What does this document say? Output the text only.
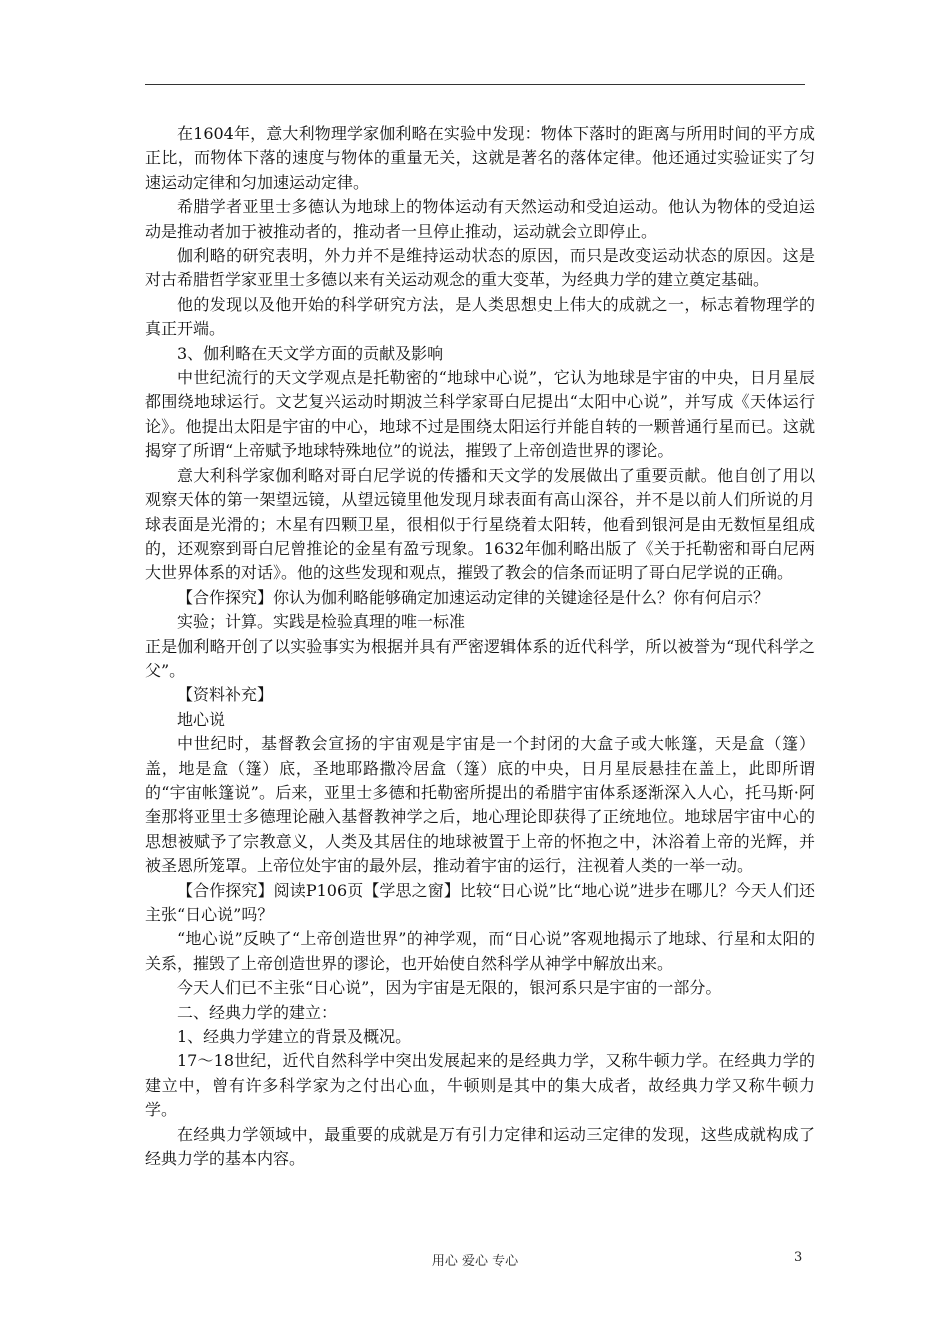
在1604年，意大利物理学家伽利略在实验中发现：物体下落时的距离与所用时间的平方成正比，而物体下落的速度与物体的重量无关，这就是著名的落体定律。他还通过实验证实了匀速运动定律和匀加速运动定律。

希腊学者亚里士多德认为地球上的物体运动有天然运动和受迫运动。他认为物体的受迫运动是推动者加于被推动者的，推动者一旦停止推动，运动就会立即停止。

伽利略的研究表明，外力并不是维持运动状态的原因，而只是改变运动状态的原因。这是对古希腊哲学家亚里士多德以来有关运动观念的重大变革，为经典力学的建立奠定基础。

他的发现以及他开始的科学研究方法，是人类思想史上伟大的成就之一，标志着物理学的真正开端。

3、伽利略在天文学方面的贡献及影响

中世纪流行的天文学观点是托勒密的“地球中心说”，它认为地球是宇宙的中央，日月星辰都围绕地球运行。文艺复兴运动时期波兰科学家哥白尼提出“太阳中心说”，并写成《天体运行论》。他提出太阳是宇宙的中心，地球不过是围绕太阳运行并能自转的一颗普通行星而已。这就揭穿了所谓“上帝赋予地球特殊地位”的说法，摧毁了上帝创造世界的谬论。

意大利科学家伽利略对哥白尼学说的传播和天文学的发展做出了重要贡献。他自创了用以观察天体的第一架望远镜，从望远镜里他发现月球表面有高山深谷，并不是以前人们所说的月球表面是光滑的；木星有四颗卫星，很相似于行星绕着太阳转，他看到银河是由无数恒星组成的，还观察到哥白尼曾推论的金星有盈亏现象。1632年伽利略出版了《关于托勒密和哥白尼两大世界体系的对话》。他的这些发现和观点，摧毁了教会的信条而证明了哥白尼学说的正确。

【合作探究】你认为伽利略能够确定加速运动定律的关键途径是什么？你有何启示？

实验；计算。实践是检验真理的唯一标准

正是伽利略开创了以实验事实为根据并具有严密逻辑体系的近代科学，所以被誉为“现代科学之父”。

【资料补充】

地心说

中世纪时，基督教会宣扬的宇宙观是宇宙是一个封闭的大盒子或大帐篷，天是盒（篷）盖，地是盒（篷）底，圣地耶路撒冷居盒（篷）底的中央，日月星辰悬挂在盖上，此即所谓的“宇宙帐篷说”。后来，亚里士多德和托勒密所提出的希腊宇宙体系逐渐深入人心，托马斯·阿奎那将亚里士多德理论融入基督教神学之后，地心理论即获得了正统地位。地球居宇宙中心的思想被赋予了宗教意义，人类及其居住的地球被置于上帝的怀抱之中，沐浴着上帝的光辉，并被圣恩所笼罩。上帝位处宇宙的最外层，推动着宇宙的运行，注视着人类的一举一动。

【合作探究】阅读P106页【学思之窗】比较“日心说”比“地心说”进步在哪儿？今天人们还主张“日心说”吗？

“地心说”反映了“上帝创造世界”的神学观，而“日心说”客观地揭示了地球、行星和太阳的关系，摧毁了上帝创造世界的谬论，也开始使自然科学从神学中解放出来。

今天人们已不主张“日心说”，因为宇宙是无限的，银河系只是宇宙的一部分。

二、经典力学的建立：

1、经典力学建立的背景及概况。

17～18世纪，近代自然科学中突出发展起来的是经典力学，又称牛顿力学。在经典力学的建立中，曾有许多科学家为之付出心血，牛顿则是其中的集大成者，故经典力学又称牛顿力学。

在经典力学领域中，最重要的成就是万有引力定律和运动三定律的发现，这些成就构成了经典力学的基本内容。

用心 爱心 专心	3
